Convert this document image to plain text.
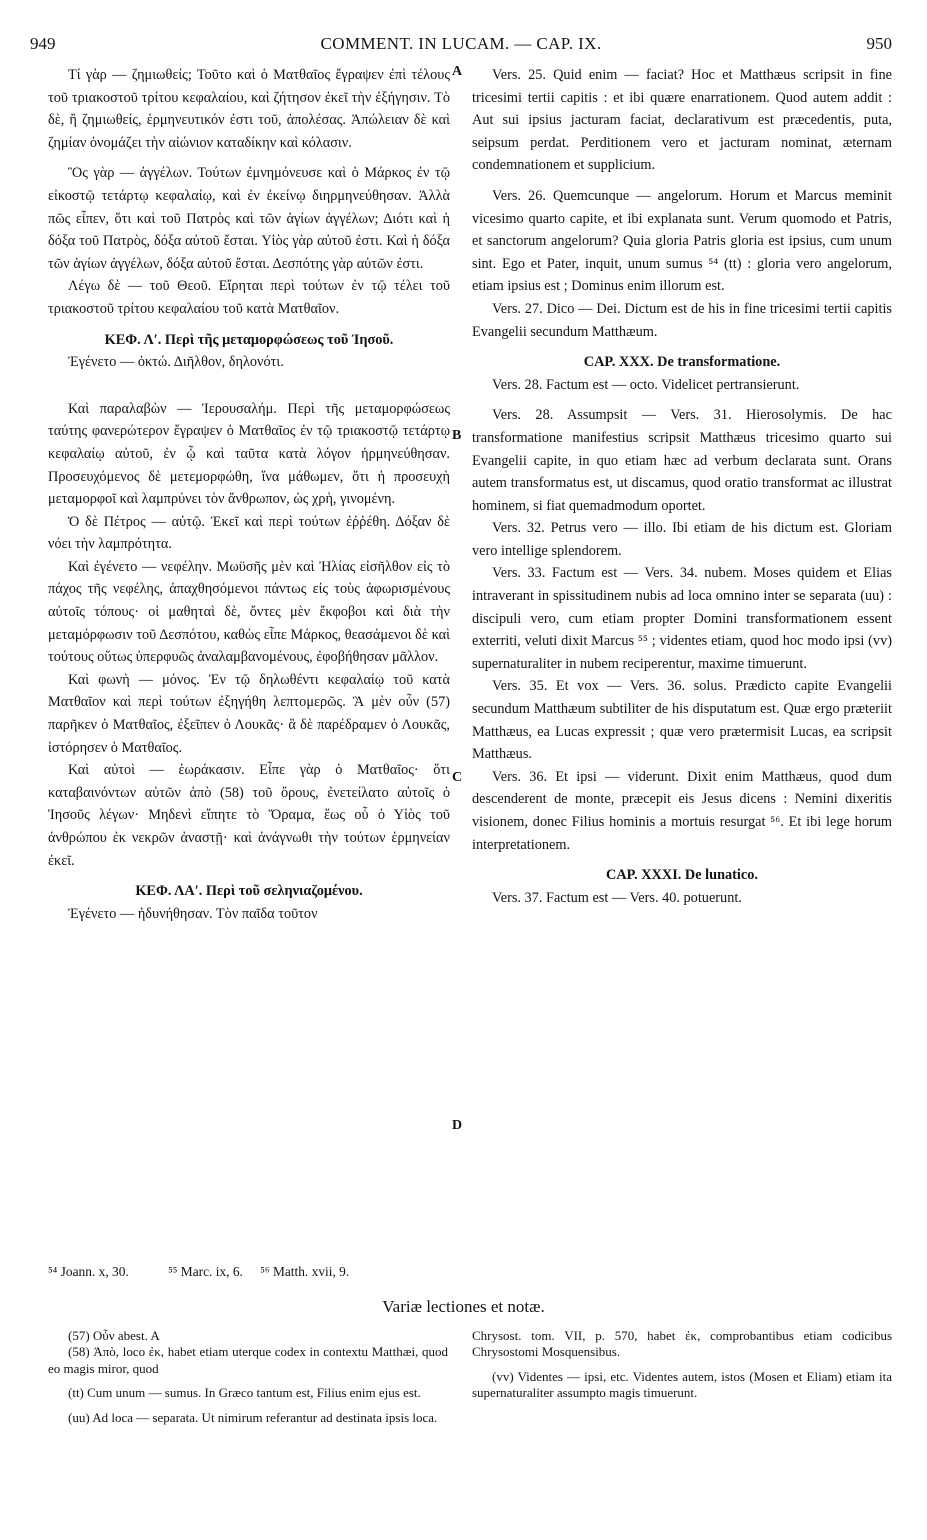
949	COMMENT. IN LUCAM. — CAP. IX.	950
A
B
C
D

Τί γὰρ — ζημιωθείς; Τοῦτο καὶ ὁ Ματθαῖος ἔγραψεν ἐπὶ τέλους τοῦ τριακοστοῦ τρίτου κεφαλαίου, καὶ ζήτησον ἐκεῖ τὴν ἐξήγησιν. Τὸ δὲ, ἢ ζημιωθείς, ἑρμηνευτικόν ἐστι τοῦ, ἀπολέσας. Ἀπώλειαν δὲ καὶ ζημίαν ὀνομάζει τὴν αἰώνιον καταδίκην καὶ κόλασιν.

Ὃς γὰρ — ἀγγέλων. Τούτων ἐμνημόνευσε καὶ ὁ Μάρκος ἐν τῷ εἰκοστῷ τετάρτῳ κεφαλαίῳ, καὶ ἐν ἐκείνῳ διηρμηνεύθησαν. Ἀλλὰ πῶς εἶπεν, ὅτι καὶ τοῦ Πατρὸς καὶ τῶν ἁγίων ἀγγέλων; Διότι καὶ ἡ δόξα τοῦ Πατρὸς, δόξα αὐτοῦ ἔσται. Υἱὸς γὰρ αὐτοῦ ἐστι. Καὶ ἡ δόξα τῶν ἁγίων ἀγγέλων, δόξα αὐτοῦ ἔσται. Δεσπότης γὰρ αὐτῶν ἐστι.

Λέγω δὲ — τοῦ Θεοῦ. Εἴρηται περὶ τούτων ἐν τῷ τέλει τοῦ τριακοστοῦ τρίτου κεφαλαίου τοῦ κατὰ Ματθαῖον.

ΚΕΦ. Λʹ. Περὶ τῆς μεταμορφώσεως τοῦ Ἰησοῦ.

Ἐγένετο — ὀκτώ. Διῆλθον, δηλονότι.

Καὶ παραλαβὼν — Ἱερουσαλήμ. Περὶ τῆς μεταμορφώσεως ταύτης φανερώτερον ἔγραψεν ὁ Ματθαῖος ἐν τῷ τριακοστῷ τετάρτῳ κεφαλαίῳ αὐτοῦ, ἐν ᾧ καὶ ταῦτα κατὰ λόγον ἡρμηνεύθησαν. Προσευχόμενος δὲ μετεμορφώθη, ἵνα μάθωμεν, ὅτι ἡ προσευχὴ μεταμορφοῖ καὶ λαμπρύνει τὸν ἄνθρωπον, ὡς χρὴ, γινομένη.

Ὁ δὲ Πέτρος — αὐτῷ. Ἐκεῖ καὶ περὶ τούτων ἐῤῥέθη. Δόξαν δὲ νόει τὴν λαμπρότητα.

Καὶ ἐγένετο — νεφέλην. Μωϋσῆς μὲν καὶ Ἠλίας εἰσῆλθον εἰς τὸ πάχος τῆς νεφέλης, ἀπαχθησόμενοι πάντως εἰς τοὺς ἀφωρισμένους αὐτοῖς τόπους· οἱ μαθηταὶ δὲ, ὄντες μὲν ἔκφοβοι καὶ διὰ τὴν μεταμόρφωσιν τοῦ Δεσπότου, καθὼς εἶπε Μάρκος, θεασάμενοι δὲ καὶ τούτους οὕτως ὑπερφυῶς ἀναλαμβανομένους, ἐφοβήθησαν μᾶλλον.

Καὶ φωνὴ — μόνος. Ἐν τῷ δηλωθέντι κεφαλαίῳ τοῦ κατὰ Ματθαῖον καὶ περὶ τούτων ἐξηγήθη λεπτομερῶς. Ἃ μὲν οὖν (57) παρῆκεν ὁ Ματθαῖος, ἐξεῖπεν ὁ Λουκᾶς· ἃ δὲ παρέδραμεν ὁ Λουκᾶς, ἱστόρησεν ὁ Ματθαῖος.

Καὶ αὐτοὶ — ἑωράκασιν. Εἶπε γὰρ ὁ Ματθαῖος· ὅτι καταβαινόντων αὐτῶν ἀπὸ (58) τοῦ ὄρους, ἐνετείλατο αὐτοῖς ὁ Ἰησοῦς λέγων· Μηδενὶ εἴπητε τὸ Ὅραμα, ἕως οὗ ὁ Υἱὸς τοῦ ἀνθρώπου ἐκ νεκρῶν ἀναστῇ· καὶ ἀνάγνωθι τὴν τούτων ἑρμηνείαν ἐκεῖ.

ΚΕΦ. ΛΑʹ. Περὶ τοῦ σεληνιαζομένου.

Ἐγένετο — ἠδυνήθησαν. Τὸν παῖδα τοῦτον

Vers. 25. Quid enim — faciat? Hoc et Matthæus scripsit in fine tricesimi tertii capitis : et ibi quære enarrationem. Quod autem addit : Aut sui ipsius jacturam faciat, declarativum est præcedentis, puta, seipsum perdat. Perditionem vero et jacturam nominat, æternam condemnationem et supplicium.

Vers. 26. Quemcunque — angelorum. Horum et Marcus meminit vicesimo quarto capite, et ibi explanata sunt. Verum quomodo et Patris, et sanctorum angelorum? Quia gloria Patris gloria est ipsius, cum unum sint. Ego et Pater, inquit, unum sumus ⁵⁴ (tt) : gloria vero angelorum, etiam ipsius est ; Dominus enim illorum est.

Vers. 27. Dico — Dei. Dictum est de his in fine tricesimi tertii capitis Evangelii secundum Matthæum.

CAP. XXX. De transformatione.

Vers. 28. Factum est — octo. Videlicet pertransierunt.

Vers. 28. Assumpsit — Vers. 31. Hierosolymis. De hac transformatione manifestius scripsit Matthæus tricesimo quarto sui Evangelii capite, in quo etiam hæc ad verbum declarata sunt. Orans autem transformatus est, ut discamus, quod oratio transformat ac illustrat hominem, si fiat quemadmodum oportet.

Vers. 32. Petrus vero — illo. Ibi etiam de his dictum est. Gloriam vero intellige splendorem.

Vers. 33. Factum est — Vers. 34. nubem. Moses quidem et Elias intraverant in spissitudinem nubis ad loca omnino inter se separata (uu) : discipuli vero, cum etiam propter Domini transformationem essent exterriti, veluti dixit Marcus ⁵⁵ ; videntes etiam, quod hoc modo ipsi (vv) supernaturaliter in nubem reciperentur, maxime timuerunt.

Vers. 35. Et vox — Vers. 36. solus. Prædicto capite Evangelii secundum Matthæum subtiliter de his disputatum est. Quæ ergo præteriit Matthæus, ea Lucas expressit ; quæ vero prætermisit Lucas, ea scripsit Matthæus.

Vers. 36. Et ipsi — viderunt. Dixit enim Matthæus, quod dum descenderent de monte, præcepit eis Jesus dicens : Nemini dixeritis visionem, donec Filius hominis a mortuis resurgat ⁵⁶. Et ibi lege horum interpretationem.

CAP. XXXI. De lunatico.

Vers. 37. Factum est — Vers. 40. potuerunt.

⁵⁴ Joann. x, 30.	⁵⁵ Marc. ix, 6. ⁵⁶ Matth. xvii, 9.
Variæ lectiones et notæ.

(57) Οὖν abest. A

(58) Ἀπὸ, loco ἐκ, habet etiam uterque codex in contextu Matthæi, quod eo magis miror, quod

(tt) Cum unum — sumus. In Græco tantum est, Filius enim ejus est.

(uu) Ad loca — separata. Ut nimirum referantur ad destinata ipsis loca.

Chrysost. tom. VII, p. 570, habet ἐκ, comprobantibus etiam codicibus Chrysostomi Mosquensibus.

(vv) Videntes — ipsi, etc. Videntes autem, istos (Mosen et Eliam) etiam ita supernaturaliter assumpto magis timuerunt.
